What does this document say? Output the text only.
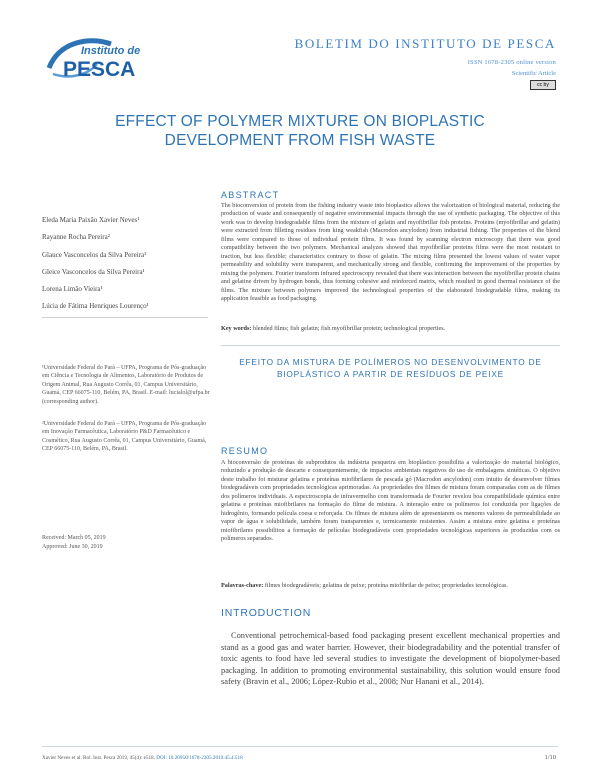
Instituto de
PESCA
BOLETIM DO INSTITUTO DE PESCA
ISSN 1678-2305 online version
Scientific Article
cc by
EFFECT OF POLYMER MIXTURE ON BIOPLASTIC DEVELOPMENT FROM FISH WASTE
Eleda Maria Paixão Xavier Neves¹
Rayanne Rocha Pereira²
Glauce Vasconcelos da Silva Pereira¹
Gleice Vasconcelos da Silva Pereira¹
Lorena Limão Vieira¹
Lúcia de Fátima Henriques Lourenço¹
¹Universidade Federal do Pará – UFPA, Programa de Pós-graduação em Ciência e Tecnologia de Alimentos, Laboratório de Produtos de Origem Animal, Rua Augusto Corrêa, 01, Campus Universitário, Guamá, CEP 66075-110, Belém, PA, Brasil. E-mail: lucialol@ufpa.br (corresponding author).
²Universidade Federal do Pará – UFPA, Programa de Pós-graduação em Inovação Farmacêutica, Laboratório P&D Farmacêutico e Cosmético, Rua Augusto Corrêa, 01, Campus Universitário, Guamá, CEP 66075-110, Belém, PA, Brasil.
Received: March 05, 2019
Approved: June 30, 2019
ABSTRACT
The bioconversion of protein from the fishing industry waste into bioplastics allows the valorization of biological material, reducing the production of waste and consequently of negative environmental impacts through the use of synthetic packaging. The objective of this work was to develop biodegradable films from the mixture of gelatin and myofibrillar fish proteins. Proteins (myofibrillar and gelatin) were extracted from filleting residues from king weakfish (Macrodon ancylodon) from industrial fishing. The properties of the blend films were compared to those of individual protein films. It was found by scanning electron microscopy that there was good compatibility between the two polymers. Mechanical analyzes showed that myofibrillar proteins films were the most resistant to traction, but less flexible; characteristics contrary to those of gelatin. The mixing films presented the lowest values of water vapor permeability and solubility were transparent, and mechanically strong and flexible, confirming the improvement of the properties by mixing the polymers. Fourier transform infrared spectroscopy revealed that there was interaction between the myofibrillar protein chains and gelatine driven by hydrogen bonds, thus forming cohesive and reinforced matrix, which resulted in good thermal resistance of the films. The mixture between polymers improved the technological properties of the elaborated biodegradable films, making its application feasible as food packaging.
Key words: blended films; fish gelatin; fish myofibrillar protein; technological properties.
EFEITO DA MISTURA DE POLÍMEROS NO DESENVOLVIMENTO DE BIOPLÁSTICO A PARTIR DE RESÍDUOS DE PEIXE
RESUMO
A bioconversão de proteínas de subprodutos da indústria pesqueira em bioplástico possibilita a valorização do material biológico, reduzindo a produção de descarte e consequentemente, de impactos ambientais negativos do uso de embalagens sintéticas. O objetivo deste trabalho foi misturar gelatina e proteínas miofibrilares de pescada gó (Macrodon ancylodon) com intuito de desenvolver filmes biodegradáveis com propriedades tecnológicas aprimoradas. As propriedades dos filmes de mistura foram comparadas com as de filmes dos polímeros individuais. A espectroscopia de infravermelho com transformada de Fourier revelou boa compatibilidade química entre gelatina e proteínas miofibrilares na formação do filme de mistura. A interação entre os polímeros foi conduzida por ligações de hidrogênio, formando película coesa e reforçada. Os filmes de mistura além de apresentarem os menores valores de permeabilidade ao vapor de água e solubilidade, também foram transparentes e, termicamente resistentes. Assim a mistura entre gelatina e proteínas miofibrilares possibilitou a formação de películas biodegradáveis com propriedades tecnológicas superiores às produzidas com os polímeros separados.
Palavras-chave: filmes biodegradáveis; gelatina de peixe; proteína miofibrilar de peixe; propriedades tecnológicas.
INTRODUCTION
Conventional petrochemical-based food packaging present excellent mechanical properties and stand as a good gas and water barrier. However, their biodegradability and the potential transfer of toxic agents to food have led several studies to investigate the development of biopolymer-based packaging. In addition to promoting environmental sustainability, this solution would ensure food safety (Bravin et al., 2006; López-Rubio et al., 2008; Nur Hanani et al., 2014).
Xavier Neves et al. Bol. Inst. Pesca 2019, 45(4): e518. DOI: 10.20950/1678-2305.2019.45.4.518	1/10
